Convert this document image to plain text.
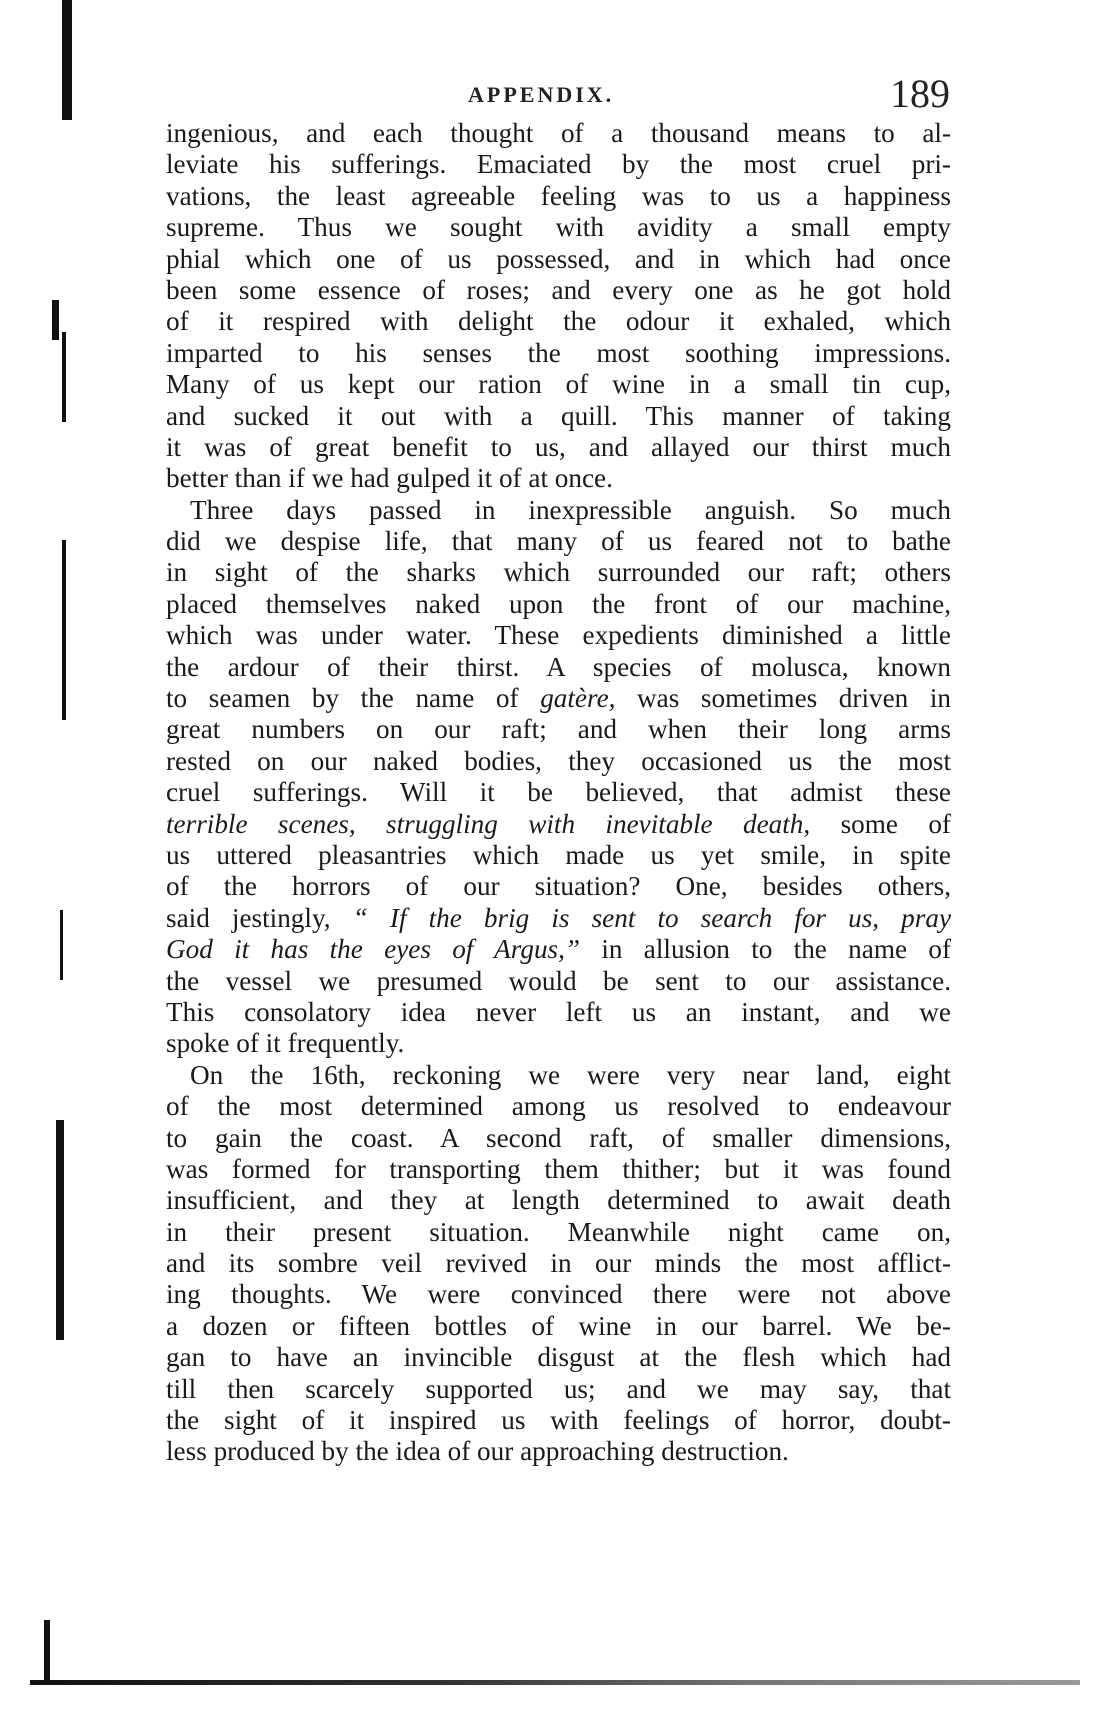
APPENDIX.	189
ingenious, and each thought of a thousand means to al-
leviate his sufferings. Emaciated by the most cruel pri-
vations, the least agreeable feeling was to us a happiness
supreme. Thus we sought with avidity a small empty
phial which one of us possessed, and in which had once
been some essence of roses; and every one as he got hold
of it respired with delight the odour it exhaled, which
imparted to his senses the most soothing impressions.
Many of us kept our ration of wine in a small tin cup,
and sucked it out with a quill. This manner of taking
it was of great benefit to us, and allayed our thirst much
better than if we had gulped it of at once.
Three days passed in inexpressible anguish. So much
did we despise life, that many of us feared not to bathe
in sight of the sharks which surrounded our raft; others
placed themselves naked upon the front of our machine,
which was under water. These expedients diminished a little
the ardour of their thirst. A species of molusca, known
to seamen by the name of gatère, was sometimes driven in
great numbers on our raft; and when their long arms
rested on our naked bodies, they occasioned us the most
cruel sufferings. Will it be believed, that admist these
terrible scenes, struggling with inevitable death, some of
us uttered pleasantries which made us yet smile, in spite
of the horrors of our situation? One, besides others,
said jestingly, “ If the brig is sent to search for us, pray
God it has the eyes of Argus,” in allusion to the name of
the vessel we presumed would be sent to our assistance.
This consolatory idea never left us an instant, and we
spoke of it frequently.
On the 16th, reckoning we were very near land, eight
of the most determined among us resolved to endeavour
to gain the coast. A second raft, of smaller dimensions,
was formed for transporting them thither; but it was found
insufficient, and they at length determined to await death
in their present situation. Meanwhile night came on,
and its sombre veil revived in our minds the most afflict-
ing thoughts. We were convinced there were not above
a dozen or fifteen bottles of wine in our barrel. We be-
gan to have an invincible disgust at the flesh which had
till then scarcely supported us; and we may say, that
the sight of it inspired us with feelings of horror, doubt-
less produced by the idea of our approaching destruction.
